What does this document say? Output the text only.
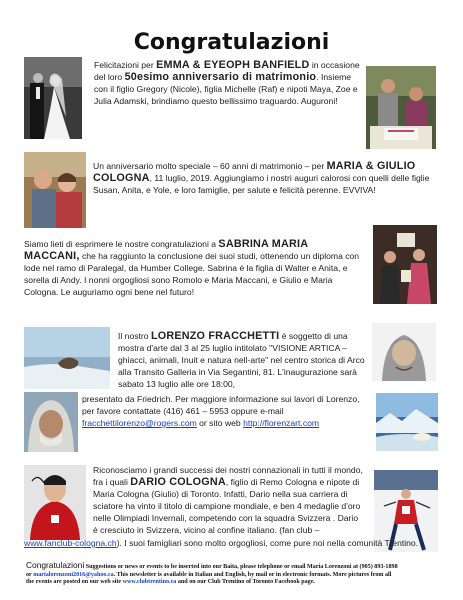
Congratulazioni
Felicitazioni per EMMA & EYEOPH BANFIELD in occasione del loro 50esimo anniversario di matrimonio. Insieme con il figlio Gregory (Nicole), figlia Michelle (Raf) e nipoti Maya, Zoe e Julia Adamski, brindiamo questo bellissimo traguardo. Auguroni!
Un anniversario molto speciale – 60 anni di matrimonio – per MARIA & GIULIO COLOGNA, 11 luglio, 2019. Aggiungiamo i nostri auguri calorosi con quelli delle figlie Susan, Anita, e Yole, e loro famiglie, per salute e felicità perenne. EVVIVA!
Siamo lieti di esprimere le nostre congratulazioni a SABRINA MARIA MACCANI, che ha raggiunto la conclusione dei suoi studi, ottenendo un diploma con lode nel ramo di Paralegal, da Humber College. Sabrina è la figlia di Walter e Anita, e sorella di Andy. I nonni orgogliosi sono Romolo e Maria Maccani, e Giulio e Maria Cologna. Le auguriamo ogni bene nel futuro!
Il nostro LORENZO FRACCHETTI è soggetto di una mostra d'arte dal 3 al 25 luglio intitolato "VISIONE ARTICA – ghiacci, animali, Inuit e natura nell-arte" nel centro storica di Arco alla Transito Galleria in Via Segantini, 81. L'inaugurazione sarà sabato 13 luglio alle ore 18:00,
presentato da Friedrich. Per maggiore informazione sui lavori di Lorenzo, per favore contattate (416) 461 – 5953 oppure e-mail fracchettilorenzo@rogers.com or sito web http://florenzart.com
Riconosciamo i grandi successi dei nostri connazionali in tutti il mondo, fra i quali DARIO COLOGNA, figlio di Remo Cologna e nipote di Maria Cologna (Giulio) di Toronto. Infatti, Dario nella sua carriera di sciatore ha vinto il titolo di campione mondiale, e ben 4 medaglie d'oro nelle Olimpiadi Invernali, competendo con la squadra Svizzera . Dario è cresciuto in Svizzera, vicino al confine italiano. (fan club –
www.fanclub-cologna.ch). I suoi famigliari sono molto orgogliosi, come pure noi nella comunità Trentino.
Congratulazioni Suggestions or news or events to be inserted into our Baita, please telephone or email Maria Lorenzoni at (905) 893-1898
or marialorenzoni2016@yahoo.ca. This newsletter is available in Italian and English, by mail or in electronic formats. More pictures from all
the events are posted on our web site www.clubtrentino.ca and on our Club Trentino of Toronto Facebook page.
